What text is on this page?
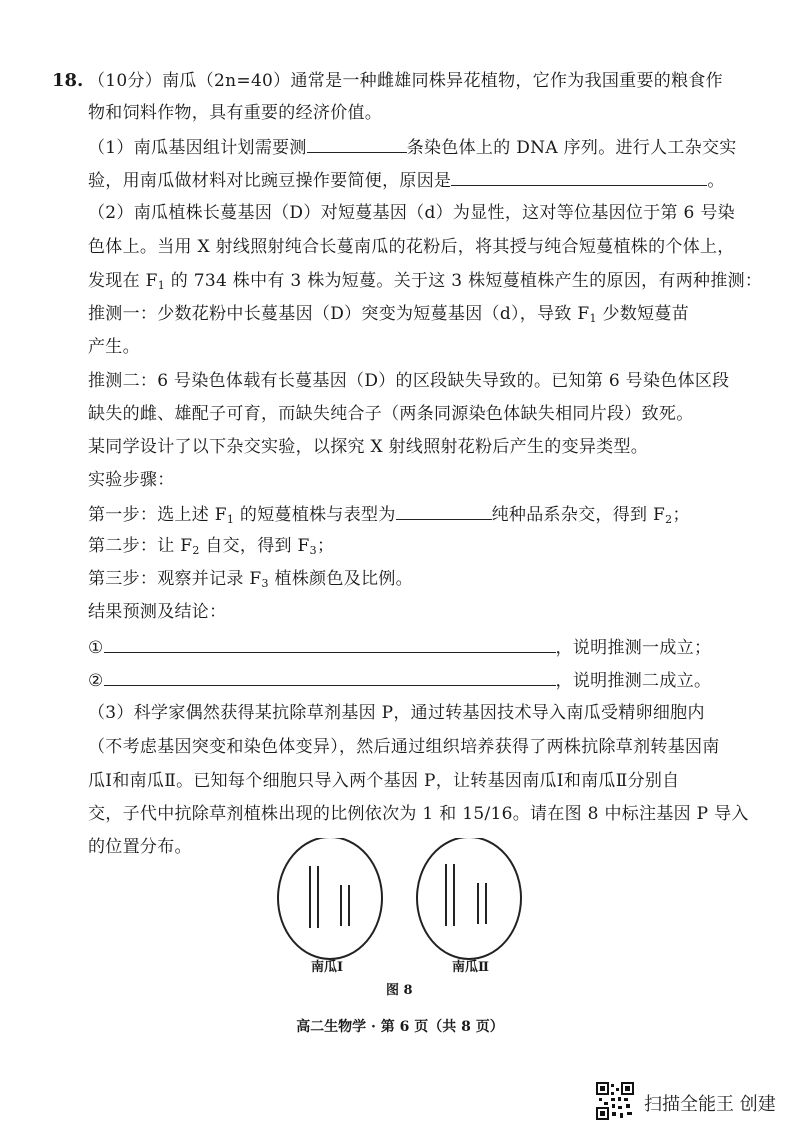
18. （10分）南瓜（2n=40）通常是一种雌雄同株异花植物，它作为我国重要的粮食作
物和饲料作物，具有重要的经济价值。
（1）南瓜基因组计划需要测	条染色体上的 DNA 序列。进行人工杂交实
验，用南瓜做材料对比豌豆操作要简便，原因是	。
（2）南瓜植株长蔓基因（D）对短蔓基因（d）为显性，这对等位基因位于第 6 号染
色体上。当用 X 射线照射纯合长蔓南瓜的花粉后，将其授与纯合短蔓植株的个体上，
发现在 $F_1$ 的 734 株中有 3 株为短蔓。关于这 3 株短蔓植株产生的原因，有两种推测：
推测一：少数花粉中长蔓基因（D）突变为短蔓基因（d），导致 $F_1$ 少数短蔓苗
产生。
推测二：6 号染色体载有长蔓基因（D）的区段缺失导致的。已知第 6 号染色体区段
缺失的雌、雄配子可育，而缺失纯合子（两条同源染色体缺失相同片段）致死。
某同学设计了以下杂交实验，以探究 X 射线照射花粉后产生的变异类型。
实验步骤：
第一步：选上述 $F_1$ 的短蔓植株与表型为	纯种品系杂交，得到 $F_2$；
第二步：让 $F_2$ 自交，得到 $F_3$；
第三步：观察并记录 $F_3$ 植株颜色及比例。
结果预测及结论：
①	，说明推测一成立；
②	，说明推测二成立。
（3）科学家偶然获得某抗除草剂基因 P，通过转基因技术导入南瓜受精卵细胞内
（不考虑基因突变和染色体变异），然后通过组织培养获得了两株抗除草剂转基因南
瓜Ⅰ和南瓜Ⅱ。已知每个细胞只导入两个基因 P，让转基因南瓜Ⅰ和南瓜Ⅱ分别自
交，子代中抗除草剂植株出现的比例依次为 1 和 15/16。请在图 8 中标注基因 P 导入
的位置分布。
南瓜Ⅰ	南瓜Ⅱ
图 8
高二生物学 · 第 6 页（共 8 页）
扫描全能王 创建
